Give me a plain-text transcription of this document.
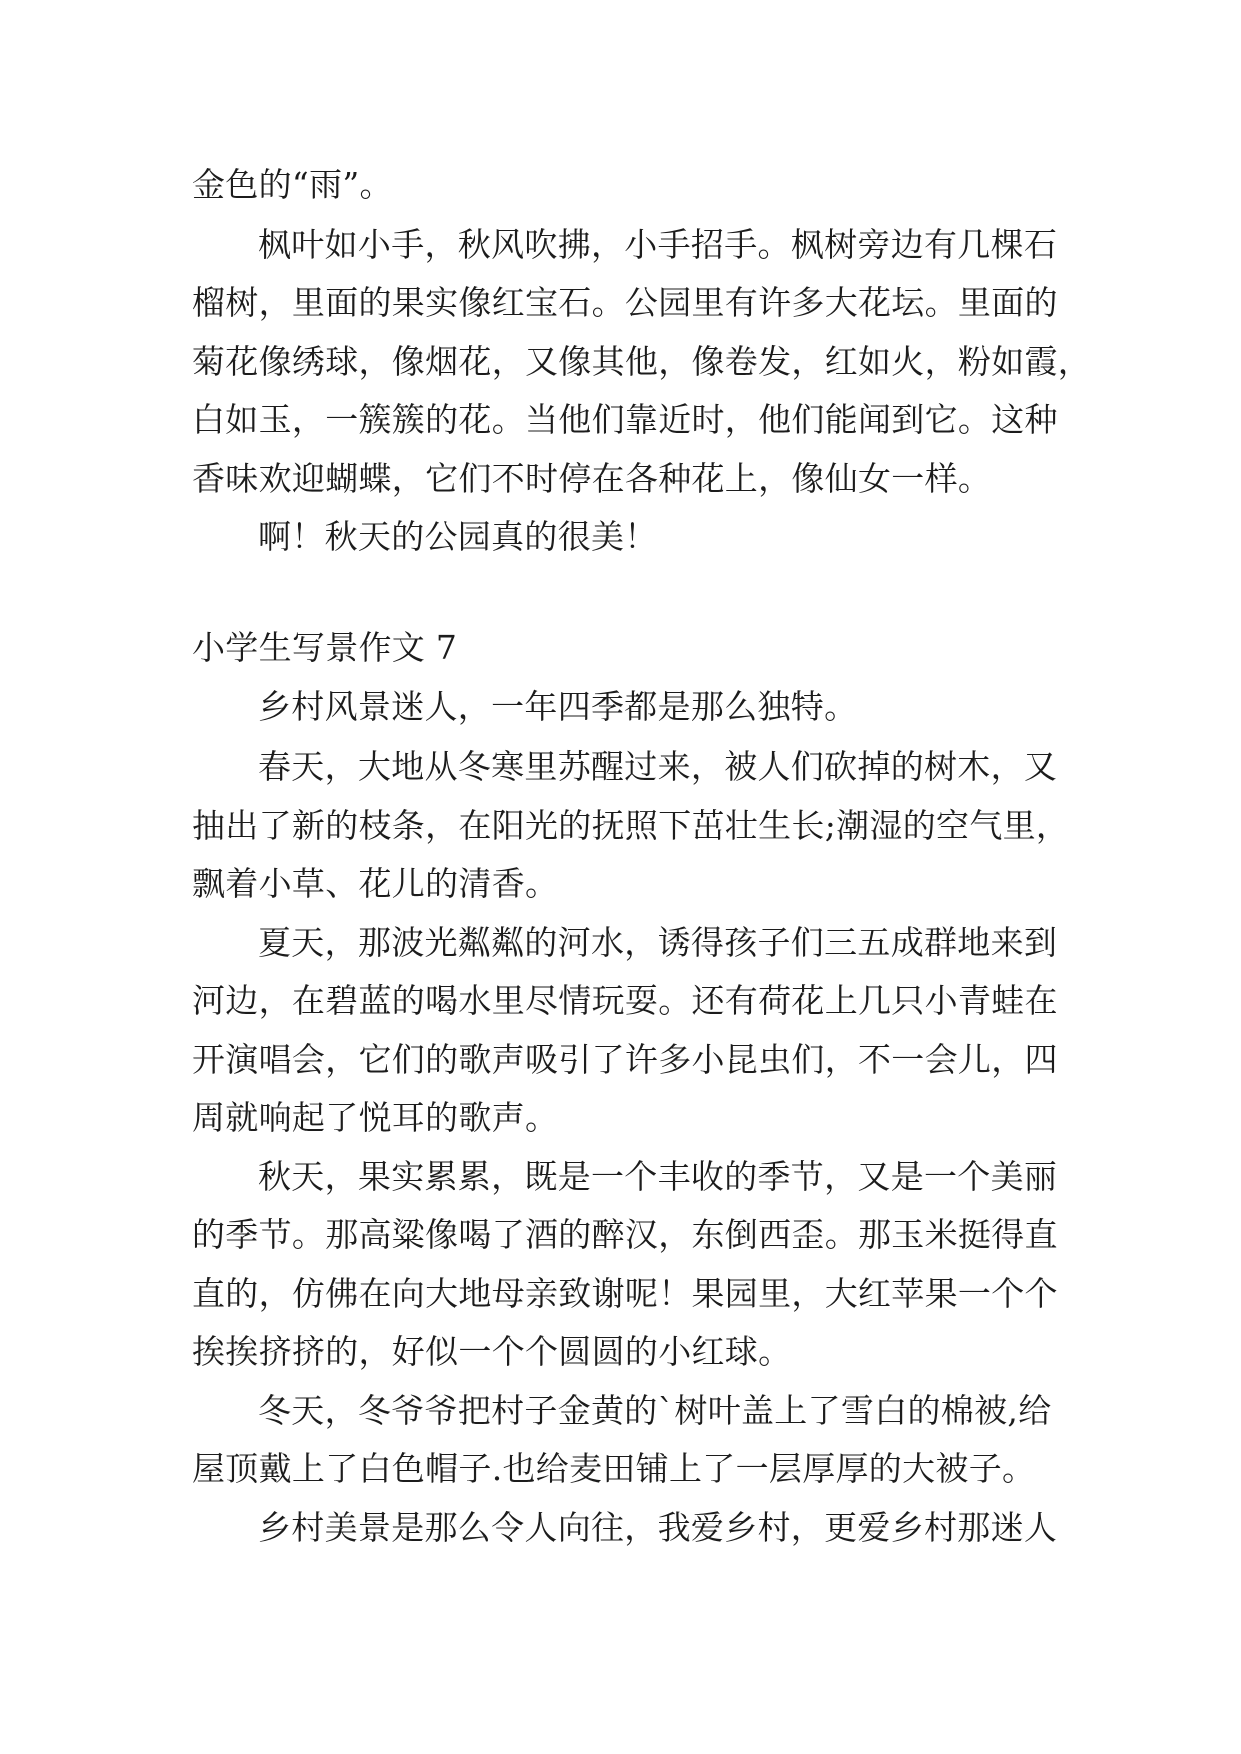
金色的“雨”。
枫叶如小手，秋风吹拂，小手招手。枫树旁边有几棵石
榴树，里面的果实像红宝石。公园里有许多大花坛。里面的
菊花像绣球，像烟花，又像其他，像卷发，红如火，粉如霞，
白如玉，一簇簇的花。当他们靠近时，他们能闻到它。这种
香味欢迎蝴蝶，它们不时停在各种花上，像仙女一样。
啊！秋天的公园真的很美！
小学生写景作文 7
乡村风景迷人，一年四季都是那么独特。
春天，大地从冬寒里苏醒过来，被人们砍掉的树木，又
抽出了新的枝条，在阳光的抚照下茁壮生长;潮湿的空气里，
飘着小草、花儿的清香。
夏天，那波光粼粼的河水，诱得孩子们三五成群地来到
河边，在碧蓝的喝水里尽情玩耍。还有荷花上几只小青蛙在
开演唱会，它们的歌声吸引了许多小昆虫们，不一会儿，四
周就响起了悦耳的歌声。
秋天，果实累累，既是一个丰收的季节，又是一个美丽
的季节。那高粱像喝了酒的醉汉，东倒西歪。那玉米挺得直
直的，仿佛在向大地母亲致谢呢！果园里，大红苹果一个个
挨挨挤挤的，好似一个个圆圆的小红球。
冬天，冬爷爷把村子金黄的`树叶盖上了雪白的棉被,给
屋顶戴上了白色帽子.也给麦田铺上了一层厚厚的大被子。
乡村美景是那么令人向往，我爱乡村，更爱乡村那迷人
